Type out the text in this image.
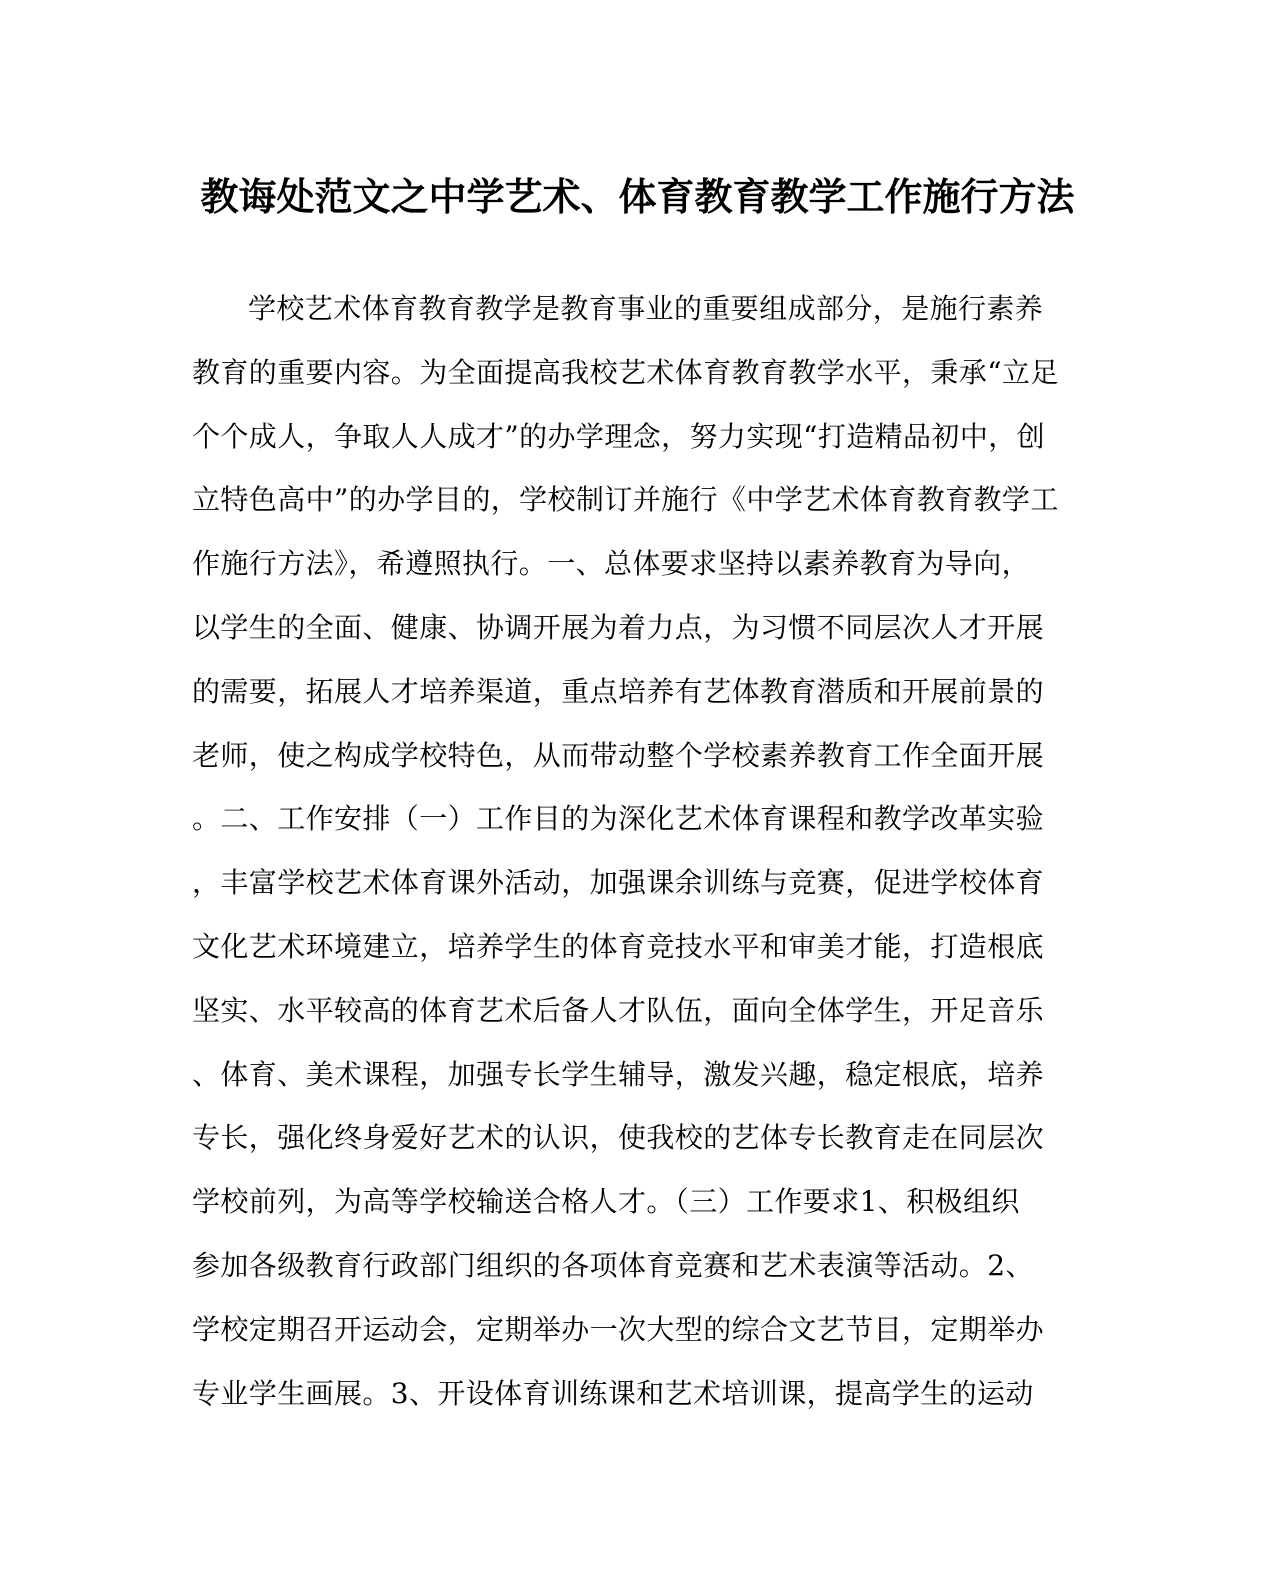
教诲处范文之中学艺术、体育教育教学工作施行方法
学校艺术体育教育教学是教育事业的重要组成部分，是施行素养
教育的重要内容。为全面提高我校艺术体育教育教学水平，秉承“立足
个个成人，争取人人成才”的办学理念，努力实现“打造精品初中，创
立特色高中”的办学目的，学校制订并施行《中学艺术体育教育教学工
作施行方法》，希遵照执行。一、总体要求坚持以素养教育为导向，
以学生的全面、健康、协调开展为着力点，为习惯不同层次人才开展
的需要，拓展人才培养渠道，重点培养有艺体教育潜质和开展前景的
老师，使之构成学校特色，从而带动整个学校素养教育工作全面开展
。二、工作安排（一）工作目的为深化艺术体育课程和教学改革实验
，丰富学校艺术体育课外活动，加强课余训练与竞赛，促进学校体育
文化艺术环境建立，培养学生的体育竞技水平和审美才能，打造根底
坚实、水平较高的体育艺术后备人才队伍，面向全体学生，开足音乐
、体育、美术课程，加强专长学生辅导，激发兴趣，稳定根底，培养
专长，强化终身爱好艺术的认识，使我校的艺体专长教育走在同层次
学校前列，为高等学校输送合格人才。（三）工作要求1、积极组织
参加各级教育行政部门组织的各项体育竞赛和艺术表演等活动。2、
学校定期召开运动会，定期举办一次大型的综合文艺节目，定期举办
专业学生画展。3、开设体育训练课和艺术培训课，提高学生的运动
